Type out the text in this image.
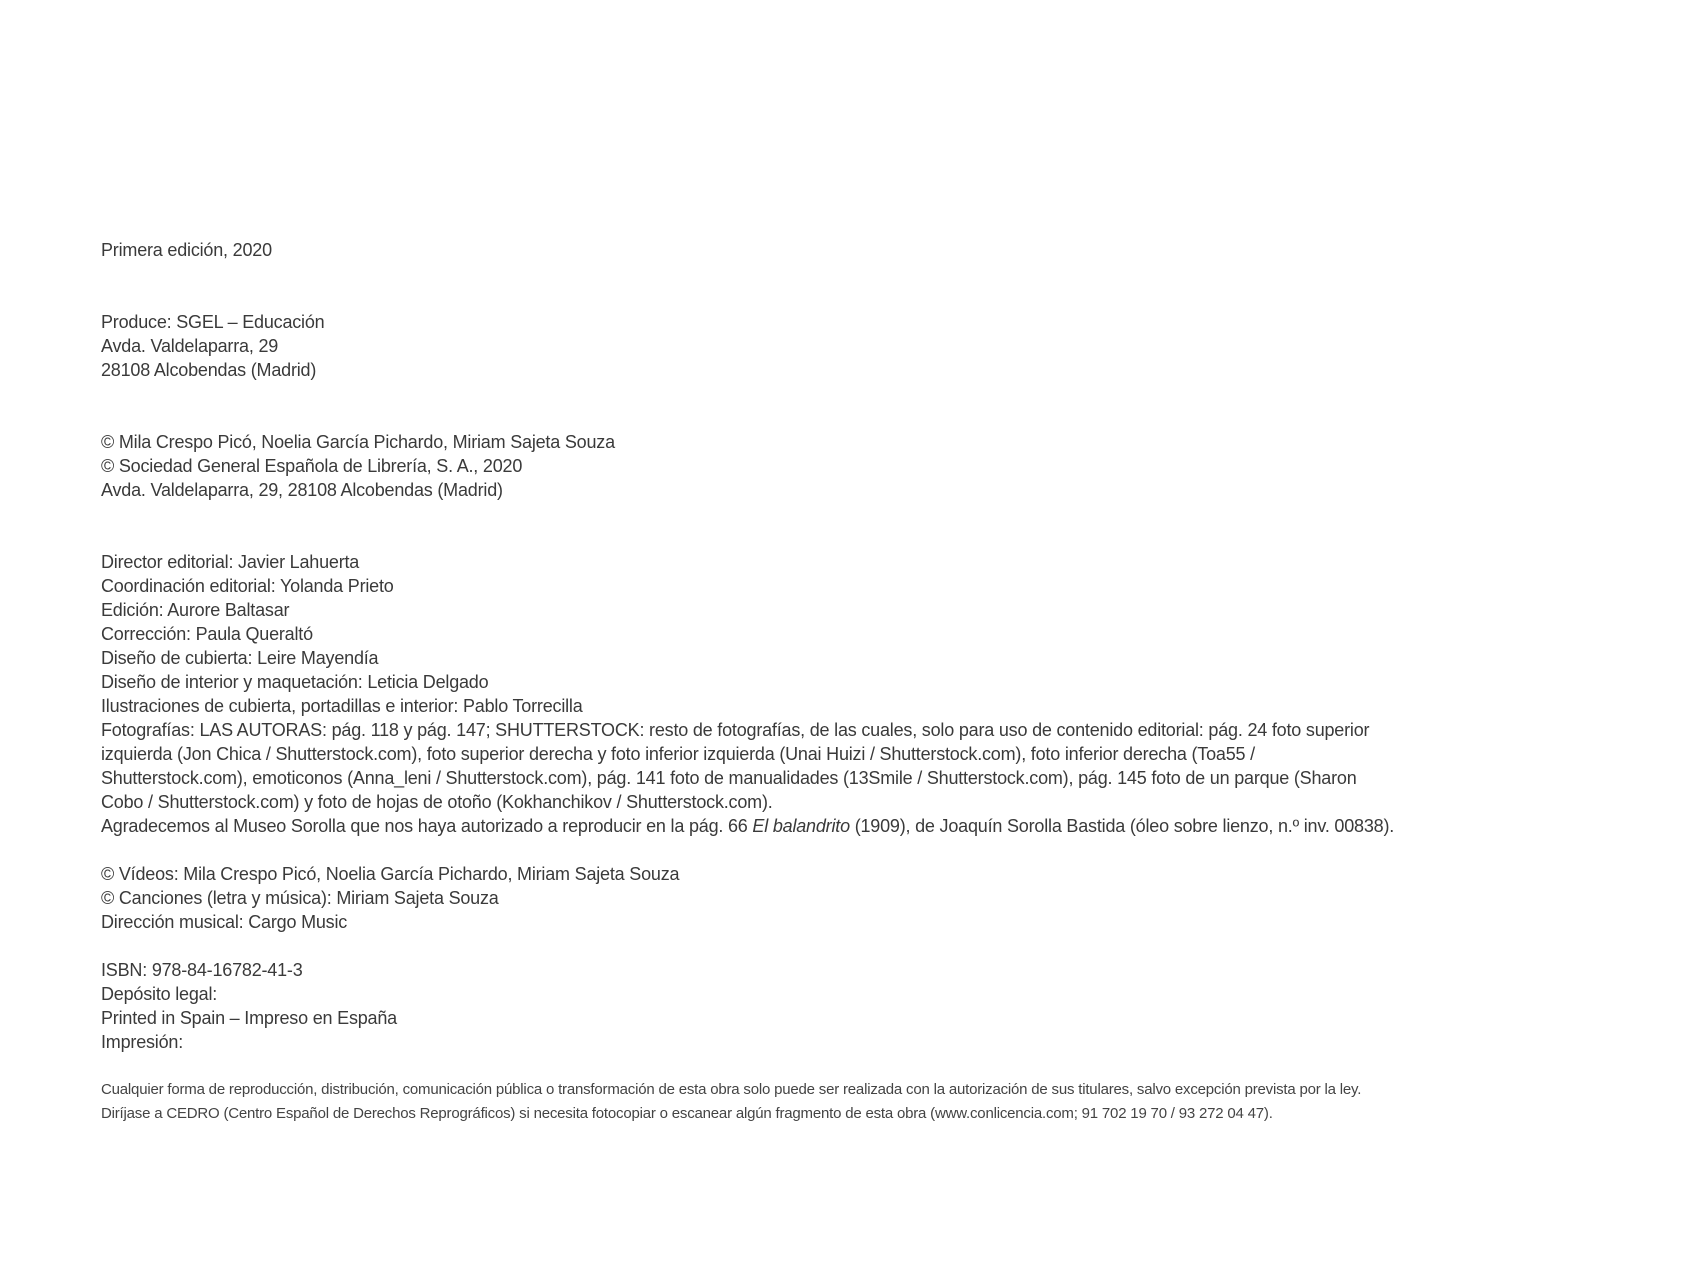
Primera edición, 2020

Produce: SGEL – Educación
Avda. Valdelaparra, 29
28108 Alcobendas (Madrid)

© Mila Crespo Picó, Noelia García Pichardo, Miriam Sajeta Souza
© Sociedad General Española de Librería, S. A., 2020
Avda. Valdelaparra, 29, 28108 Alcobendas (Madrid)

Director editorial: Javier Lahuerta
Coordinación editorial: Yolanda Prieto
Edición: Aurore Baltasar
Corrección: Paula Queraltó
Diseño de cubierta: Leire Mayendía
Diseño de interior y maquetación: Leticia Delgado
Ilustraciones de cubierta, portadillas e interior: Pablo Torrecilla

Fotografías: LAS AUTORAS: pág. 118 y pág. 147; SHUTTERSTOCK: resto de fotografías, de las cuales, solo para uso de contenido editorial: pág. 24 foto superior izquierda (Jon Chica / Shutterstock.com), foto superior derecha y foto inferior izquierda (Unai Huizi / Shutterstock.com), foto inferior derecha (Toa55 / Shutterstock.com), emoticonos (Anna_leni / Shutterstock.com), pág. 141 foto de manualidades (13Smile / Shutterstock.com), pág. 145 foto de un parque (Sharon Cobo / Shutterstock.com) y foto de hojas de otoño (Kokhanchikov / Shutterstock.com).

Agradecemos al Museo Sorolla que nos haya autorizado a reproducir en la pág. 66 El balandrito (1909), de Joaquín Sorolla Bastida (óleo sobre lienzo, n.º inv. 00838).

© Vídeos: Mila Crespo Picó, Noelia García Pichardo, Miriam Sajeta Souza
© Canciones (letra y música): Miriam Sajeta Souza
Dirección musical: Cargo Music

ISBN: 978-84-16782-41-3
Depósito legal:
Printed in Spain – Impreso en España
Impresión:

Cualquier forma de reproducción, distribución, comunicación pública o transformación de esta obra solo puede ser realizada con la autorización de sus titulares, salvo excepción prevista por la ley. Diríjase a CEDRO (Centro Español de Derechos Reprográficos) si necesita fotocopiar o escanear algún fragmento de esta obra (www.conlicencia.com; 91 702 19 70 / 93 272 04 47).
